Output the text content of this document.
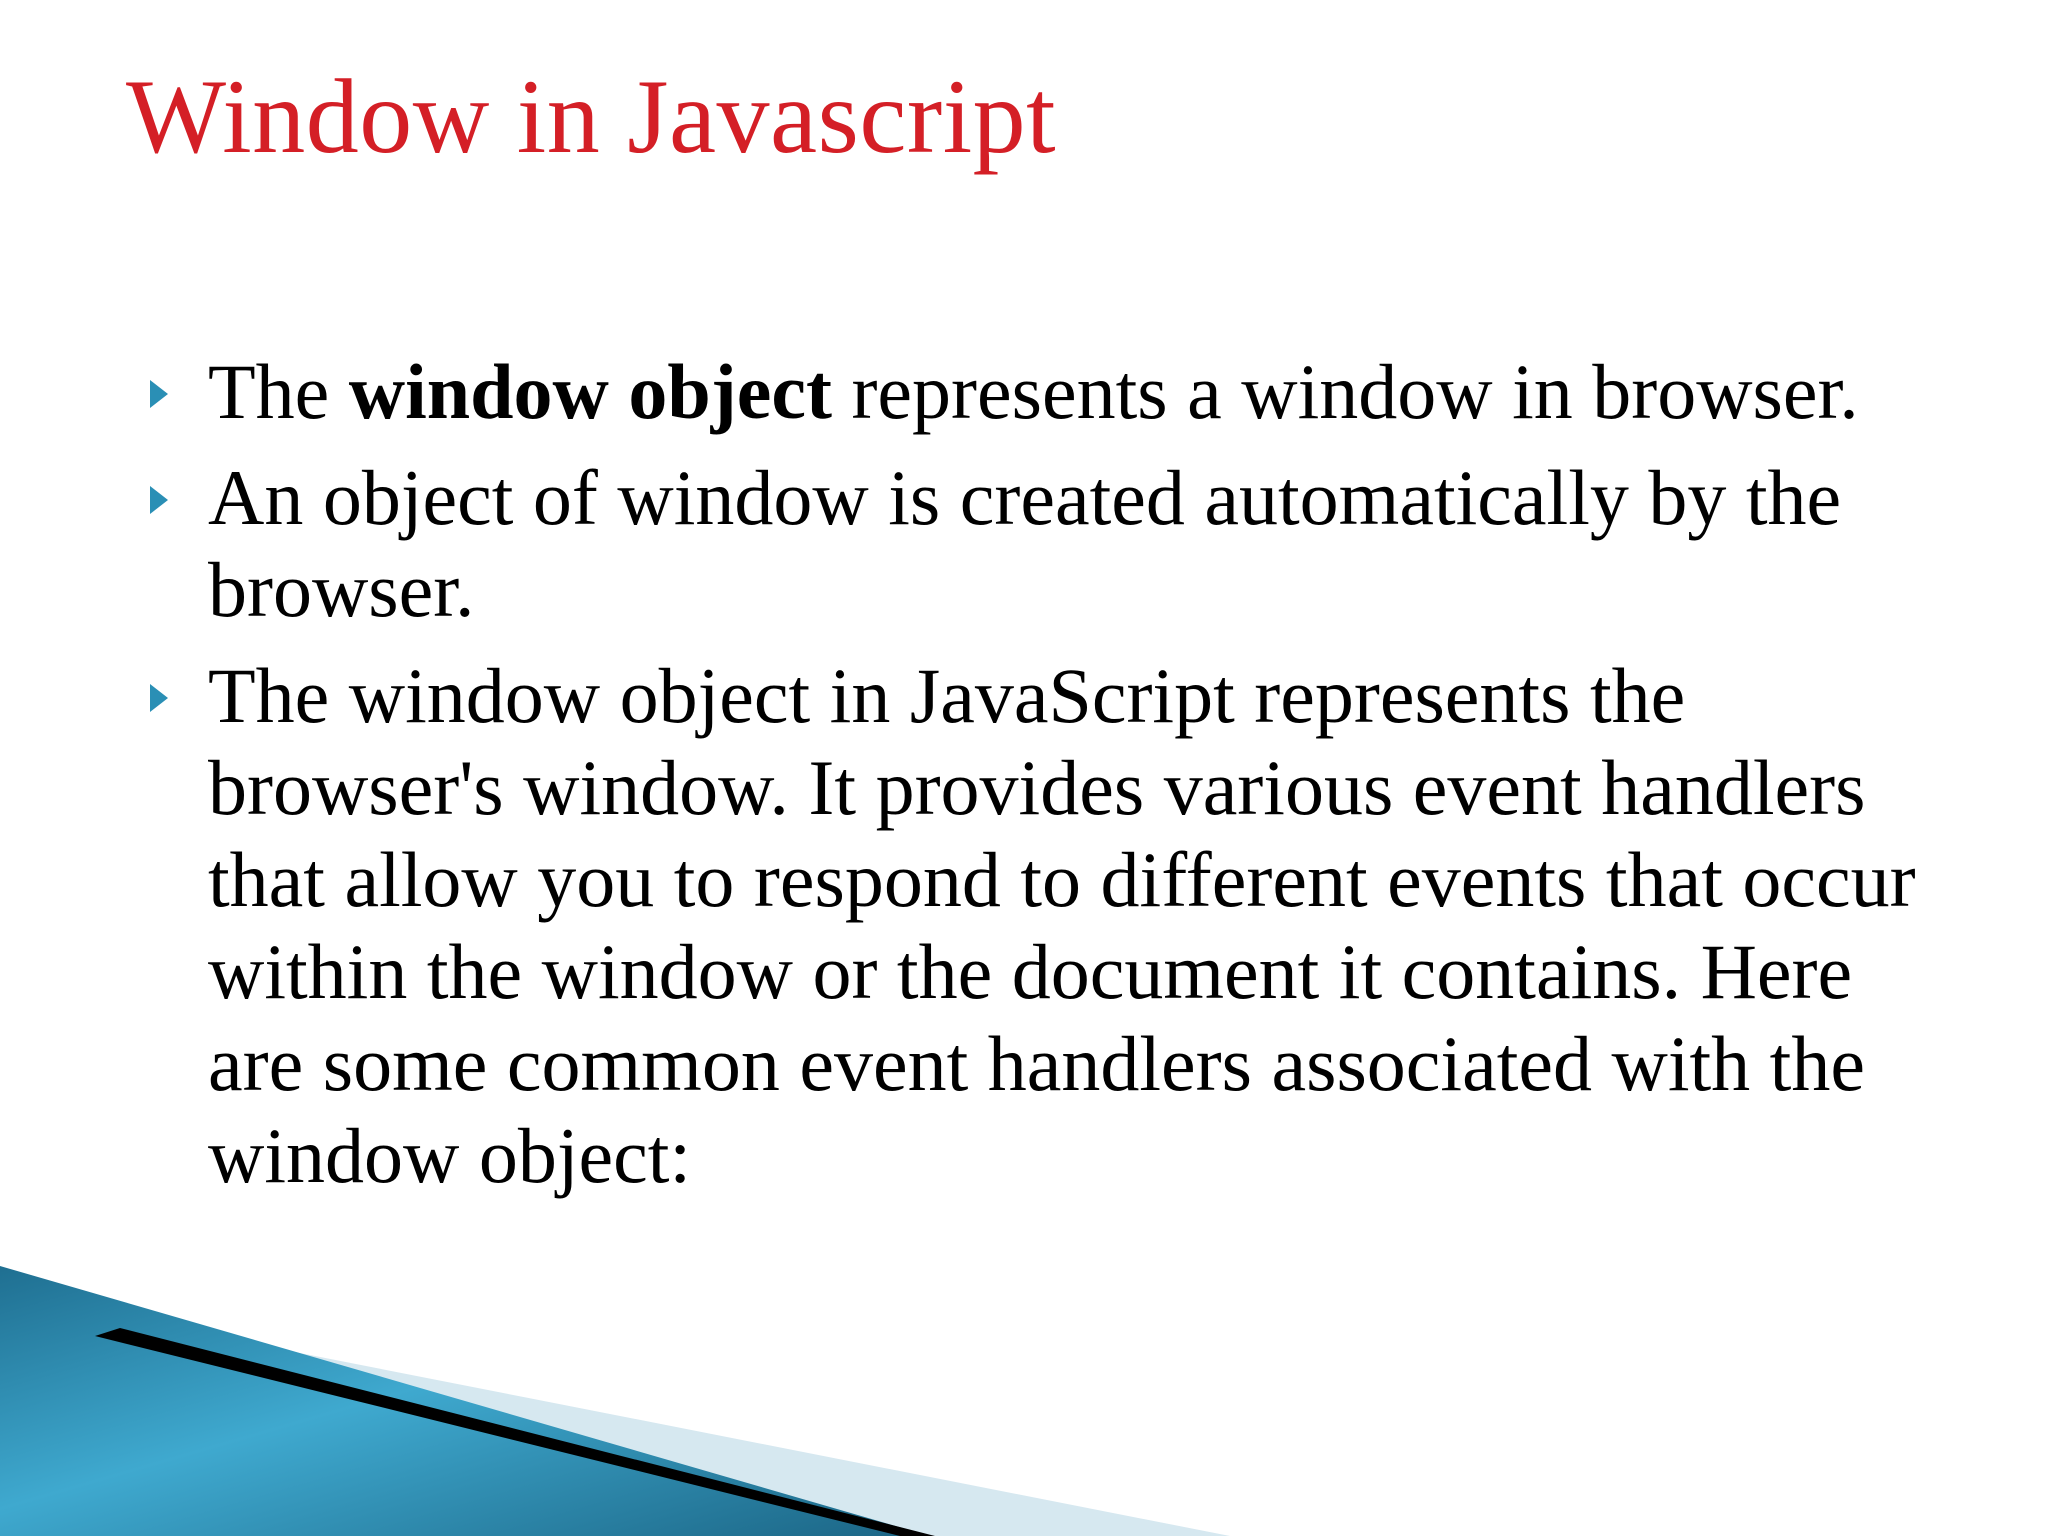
Window in Javascript
The window object represents a window in browser.
An object of window is created automatically by the browser.
The window object in JavaScript represents the browser's window. It provides various event handlers that allow you to respond to different events that occur within the window or the document it contains. Here are some common event handlers associated with the window object:
